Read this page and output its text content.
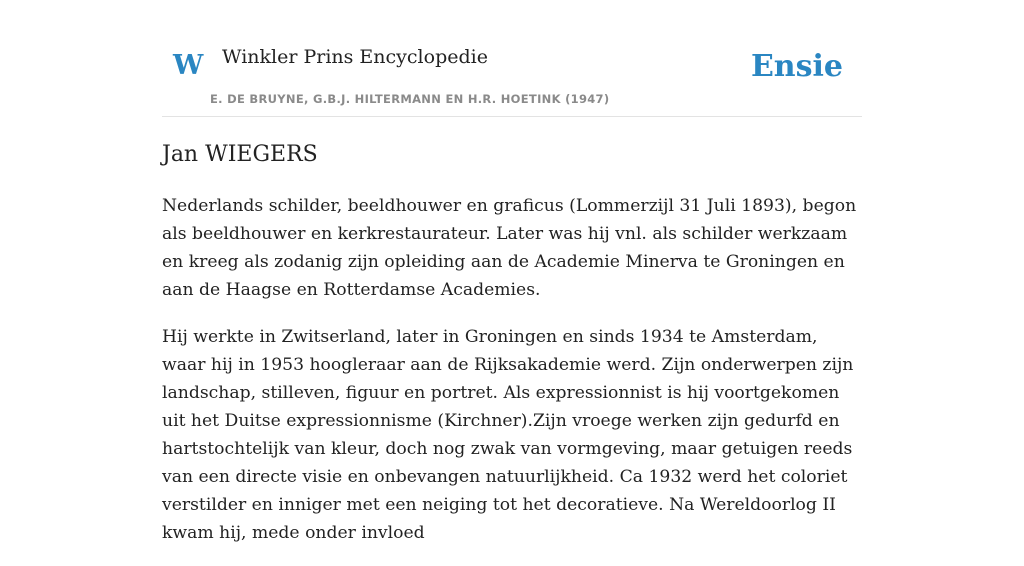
W Winkler Prins Encyclopedie
E. DE BRUYNE, G.B.J. HILTERMANN EN H.R. HOETINK (1947)
Ensie
Jan WIEGERS

Nederlands schilder, beeldhouwer en graficus (Lommerzijl 31 Juli 1893), begon als beeldhouwer en kerkrestaurateur. Later was hij vnl. als schilder werkzaam en kreeg als zodanig zijn opleiding aan de Academie Minerva te Groningen en aan de Haagse en Rotterdamse Academies.

Hij werkte in Zwitserland, later in Groningen en sinds 1934 te Amsterdam, waar hij in 1953 hoogleraar aan de Rijksakademie werd. Zijn onderwerpen zijn landschap, stilleven, figuur en portret. Als expressionnist is hij voortgekomen uit het Duitse expressionnisme (Kirchner).Zijn vroege werken zijn gedurfd en hartstochtelijk van kleur, doch nog zwak van vormgeving, maar getuigen reeds van een directe visie en onbevangen natuurlijkheid. Ca 1932 werd het coloriet verstilder en inniger met een neiging tot het decoratieve. Na Wereldoorlog II kwam hij, mede onder invloed
